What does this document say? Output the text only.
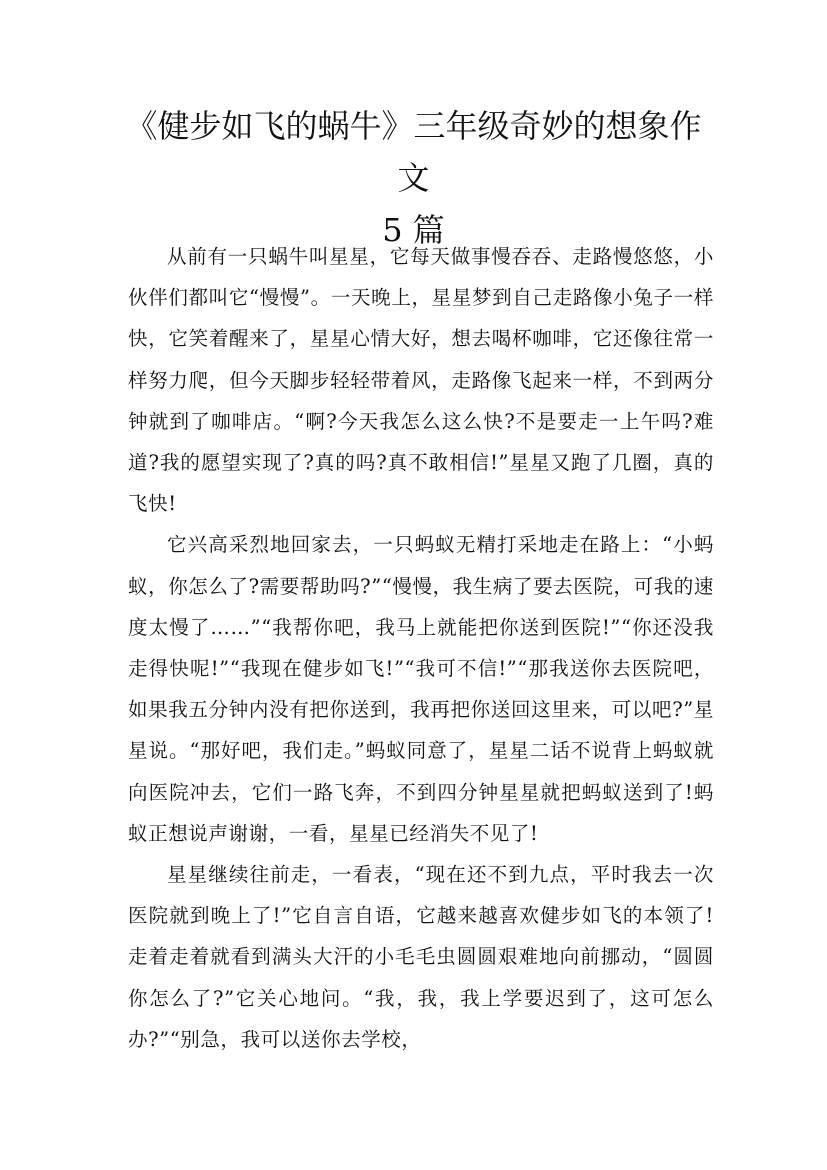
《健步如飞的蜗牛》三年级奇妙的想象作文
5 篇

从前有一只蜗牛叫星星，它每天做事慢吞吞、走路慢悠悠，小伙伴们都叫它“慢慢”。一天晚上，星星梦到自己走路像小兔子一样快，它笑着醒来了，星星心情大好，想去喝杯咖啡，它还像往常一样努力爬，但今天脚步轻轻带着风，走路像飞起来一样，不到两分钟就到了咖啡店。“啊?今天我怎么这么快?不是要走一上午吗?难道?我的愿望实现了?真的吗?真不敢相信!”星星又跑了几圈，真的飞快!

它兴高采烈地回家去，一只蚂蚁无精打采地走在路上：“小蚂蚁，你怎么了?需要帮助吗?”“慢慢，我生病了要去医院，可我的速度太慢了……”“我帮你吧，我马上就能把你送到医院!”“你还没我走得快呢!”“我现在健步如飞!”“我可不信!”“那我送你去医院吧，如果我五分钟内没有把你送到，我再把你送回这里来，可以吧?”星星说。“那好吧，我们走。”蚂蚁同意了，星星二话不说背上蚂蚁就向医院冲去，它们一路飞奔，不到四分钟星星就把蚂蚁送到了!蚂蚁正想说声谢谢，一看，星星已经消失不见了!

星星继续往前走，一看表，“现在还不到九点，平时我去一次医院就到晚上了!”它自言自语，它越来越喜欢健步如飞的本领了!走着走着就看到满头大汗的小毛毛虫圆圆艰难地向前挪动，“圆圆你怎么了?”它关心地问。“我，我，我上学要迟到了，这可怎么办?”“别急，我可以送你去学校，
